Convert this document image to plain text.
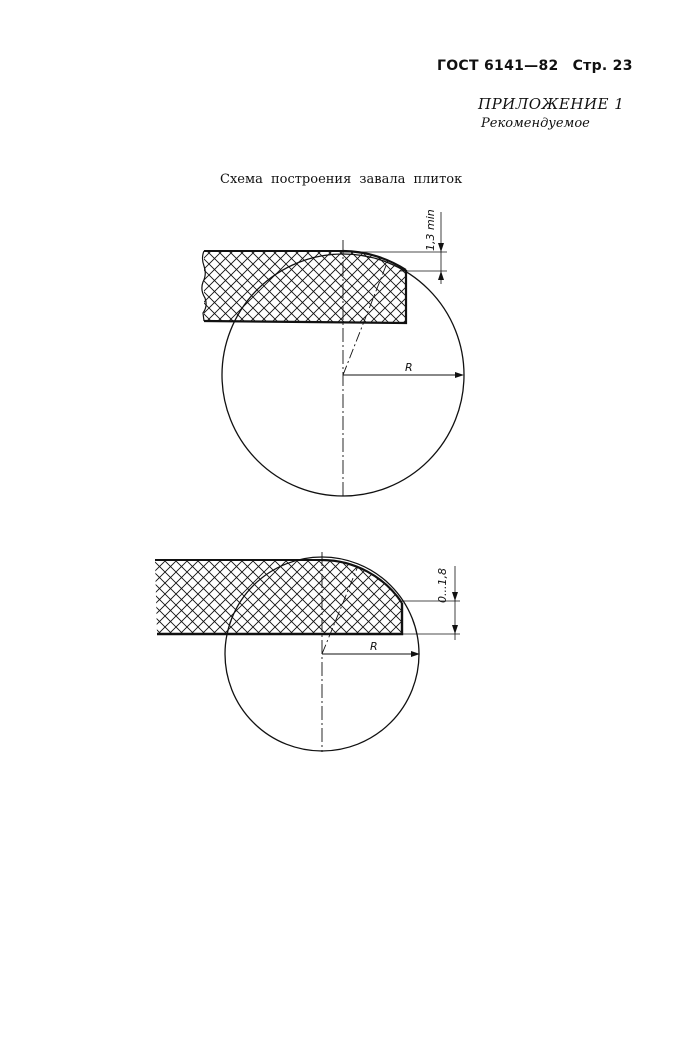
ГОСТ 6141—82 Стр. 23
ПРИЛОЖЕНИЕ 1
Рекомендуемое
Схема построения завала плиток
R
1,3 min
R
0...1,8
